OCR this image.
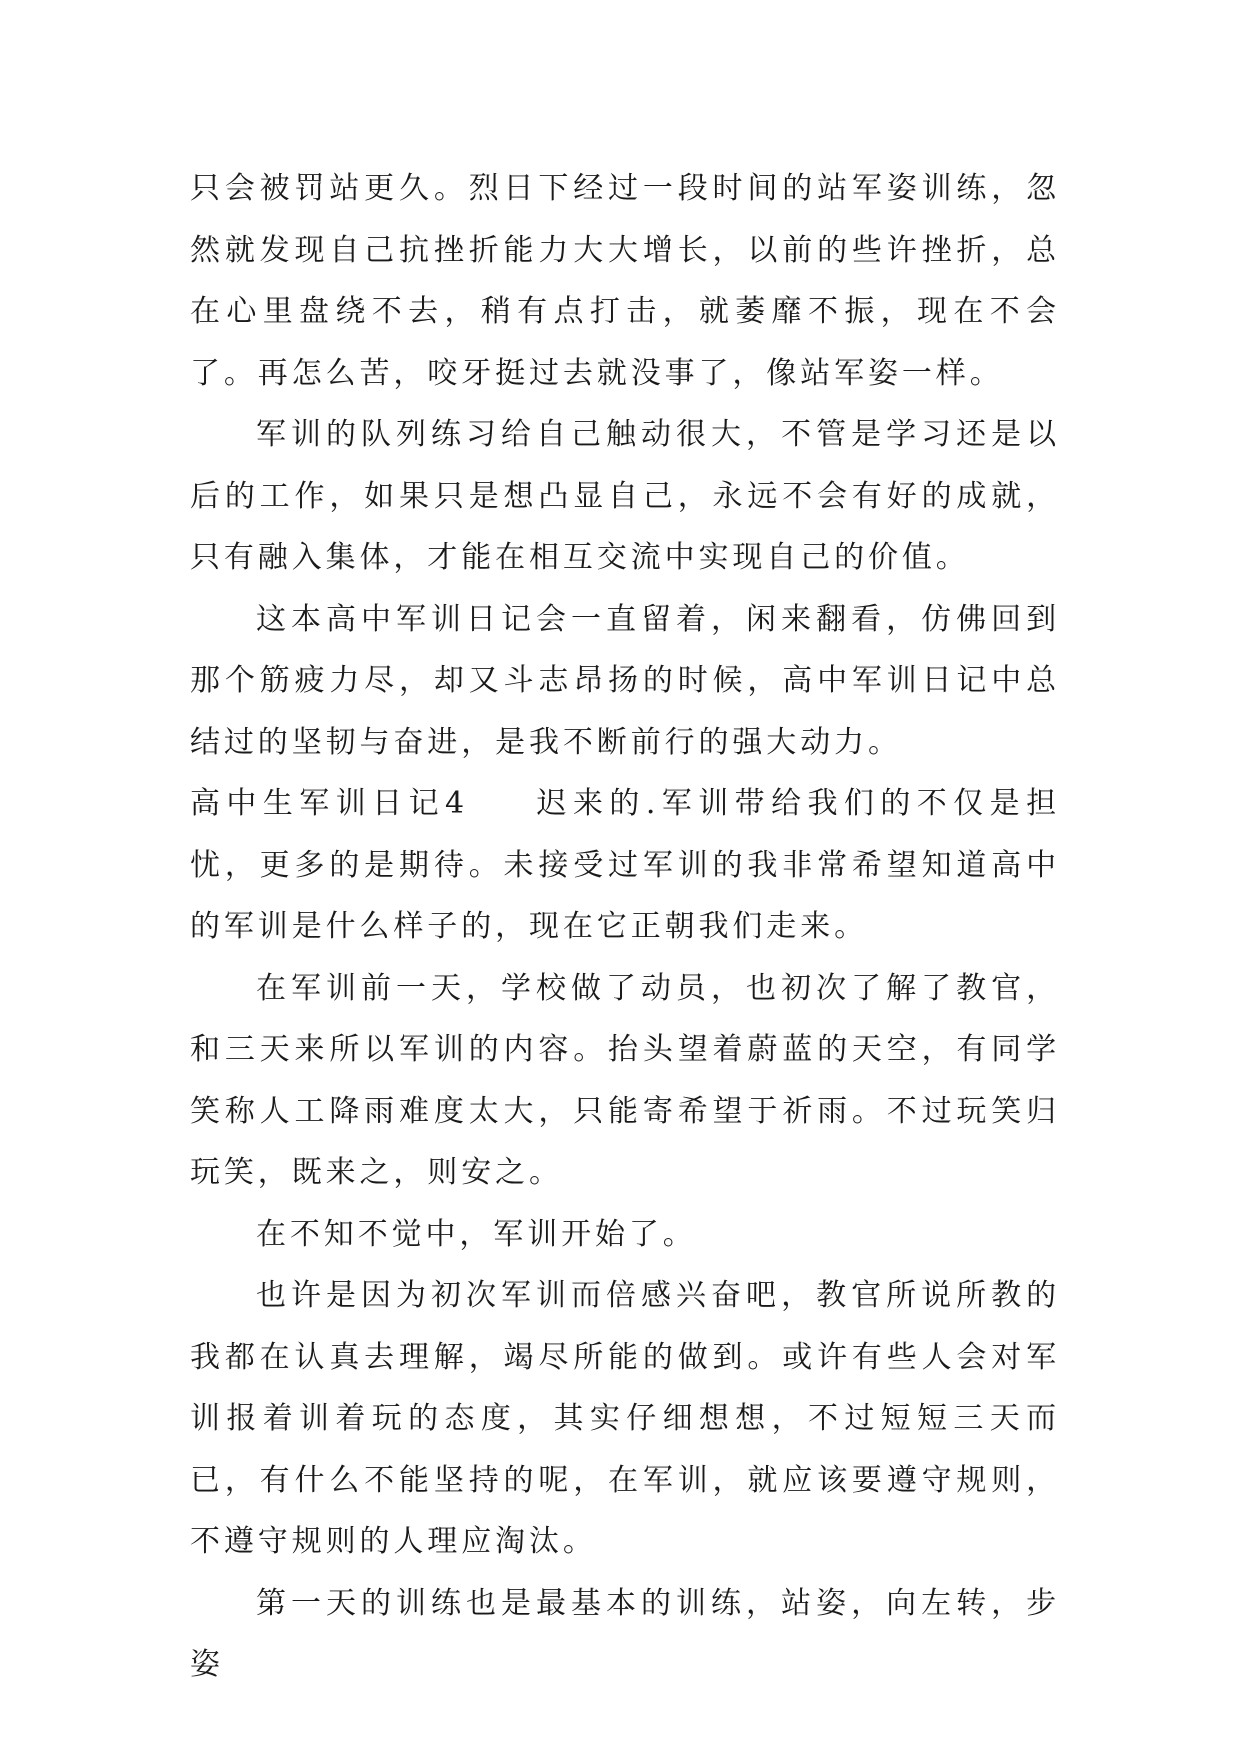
只会被罚站更久。烈日下经过一段时间的站军姿训练，忽然就发现自己抗挫折能力大大增长，以前的些许挫折，总在心里盘绕不去，稍有点打击，就萎靡不振，现在不会了。再怎么苦，咬牙挺过去就没事了，像站军姿一样。

军训的队列练习给自己触动很大，不管是学习还是以后的工作，如果只是想凸显自己，永远不会有好的成就，只有融入集体，才能在相互交流中实现自己的价值。

这本高中军训日记会一直留着，闲来翻看，仿佛回到那个筋疲力尽，却又斗志昂扬的时候，高中军训日记中总结过的坚韧与奋进，是我不断前行的强大动力。

高中生军训日记4 迟来的.军训带给我们的不仅是担忧，更多的是期待。未接受过军训的我非常希望知道高中的军训是什么样子的，现在它正朝我们走来。

在军训前一天，学校做了动员，也初次了解了教官，和三天来所以军训的内容。抬头望着蔚蓝的天空，有同学笑称人工降雨难度太大，只能寄希望于祈雨。不过玩笑归玩笑，既来之，则安之。

在不知不觉中，军训开始了。

也许是因为初次军训而倍感兴奋吧，教官所说所教的我都在认真去理解，竭尽所能的做到。或许有些人会对军训报着训着玩的态度，其实仔细想想，不过短短三天而已，有什么不能坚持的呢，在军训，就应该要遵守规则，不遵守规则的人理应淘汰。

第一天的训练也是最基本的训练，站姿，向左转，步姿
